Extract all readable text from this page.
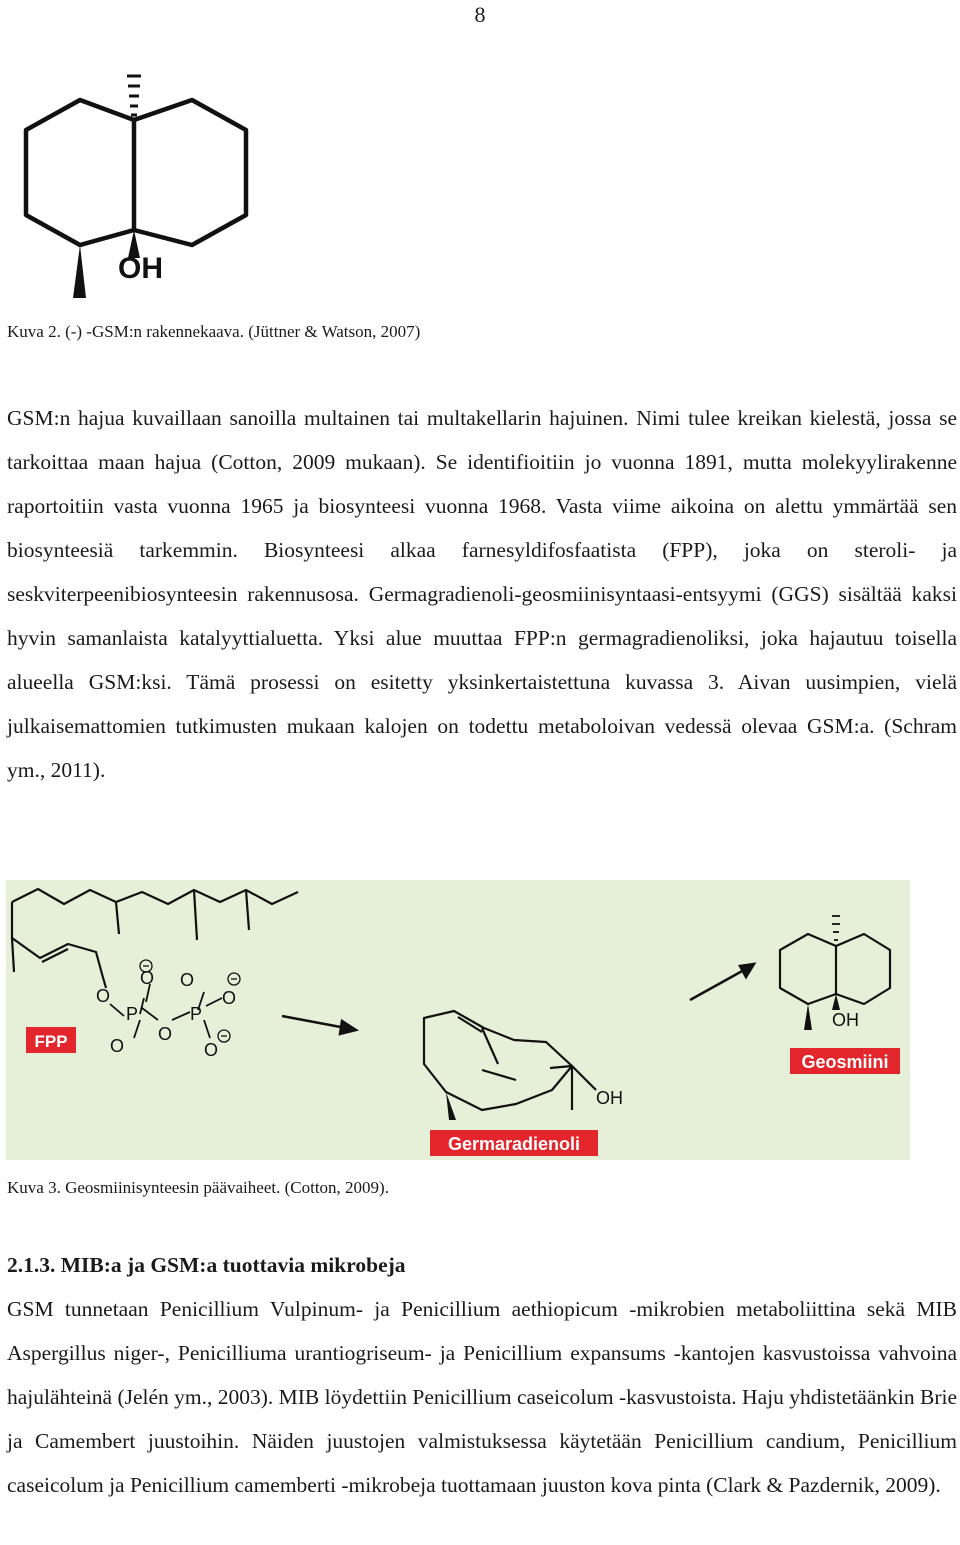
8
OH
Kuva 2. (-) -GSM:n rakennekaava. (Jüttner & Watson, 2007)

GSM:n hajua kuvaillaan sanoilla multainen tai multakellarin hajuinen. Nimi tulee kreikan kielestä, jossa se tarkoittaa maan hajua (Cotton, 2009 mukaan). Se identifioitiin jo vuonna 1891, mutta molekyylirakenne raportoitiin vasta vuonna 1965 ja biosynteesi vuonna 1968. Vasta viime aikoina on alettu ymmärtää sen biosynteesiä tarkemmin. Biosynteesi alkaa farnesyldifosfaatista (FPP), joka on steroli- ja seskviterpeenibiosynteesin rakennusosa. Germagradienoli-geosmiinisyntaasi-entsyymi (GGS) sisältää kaksi hyvin samanlaista katalyyttialuetta. Yksi alue muuttaa FPP:n germagradienoliksi, joka hajautuu toisella alueella GSM:ksi. Tämä prosessi on esitetty yksinkertaistettuna kuvassa 3. Aivan uusimpien, vielä julkaisemattomien tutkimusten mukaan kalojen on todettu metaboloivan vedessä olevaa GSM:a. (Schram ym., 2011).

O
P
O
O
O
P
O
O
O
FPP
OH
Germaradienoli
OH
Geosmiini
Kuva 3. Geosmiinisynteesin päävaiheet. (Cotton, 2009).
2.1.3. MIB:a ja GSM:a tuottavia mikrobeja

GSM tunnetaan Penicillium Vulpinum- ja Penicillium aethiopicum -mikrobien metaboliittina sekä MIB Aspergillus niger-, Penicilliuma urantiogriseum- ja Penicillium expansums -kantojen kasvustoissa vahvoina hajulähteinä (Jelén ym., 2003). MIB löydettiin Penicillium caseicolum -kasvustoista. Haju yhdistetäänkin Brie ja Camembert juustoihin. Näiden juustojen valmistuksessa käytetään Penicillium candium, Penicillium caseicolum ja Penicillium camemberti -mikrobeja tuottamaan juuston kova pinta (Clark & Pazdernik, 2009).
